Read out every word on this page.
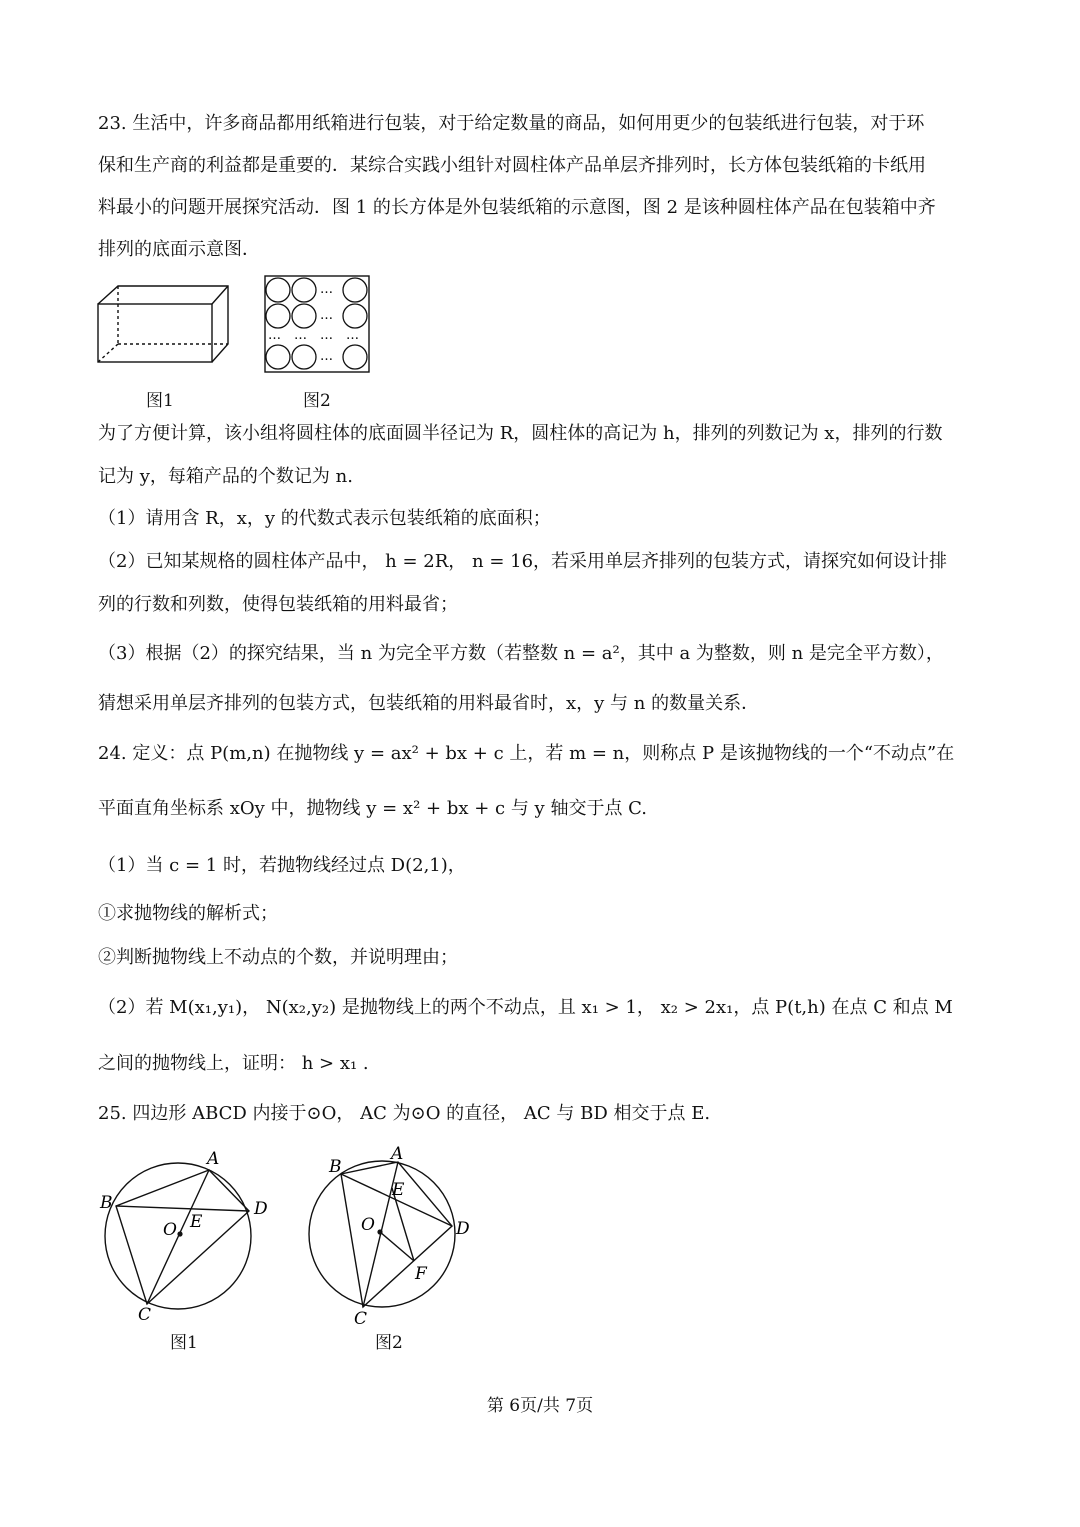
23. 生活中，许多商品都用纸箱进行包装，对于给定数量的商品，如何用更少的包装纸进行包装，对于环
保和生产商的利益都是重要的．某综合实践小组针对圆柱体产品单层齐排列时，长方体包装纸箱的卡纸用
料最小的问题开展探究活动．图 1 的长方体是外包装纸箱的示意图，图 2 是该种圆柱体产品在包装箱中齐
排列的底面示意图．
图1
…
…
…
… … … …
图2
为了方便计算，该小组将圆柱体的底面圆半径记为 R，圆柱体的高记为 h，排列的列数记为 x，排列的行数
记为 y，每箱产品的个数记为 n.
（1）请用含 R，x，y 的代数式表示包装纸箱的底面积；
（2）已知某规格的圆柱体产品中， h = 2R， n = 16，若采用单层齐排列的包装方式，请探究如何设计排
列的行数和列数，使得包装纸箱的用料最省；
（3）根据（2）的探究结果，当 n 为完全平方数（若整数 n = a²，其中 a 为整数，则 n 是完全平方数），
猜想采用单层齐排列的包装方式，包装纸箱的用料最省时，x，y 与 n 的数量关系．
24. 定义：点 P(m,n) 在抛物线 y = ax² + bx + c 上，若 m = n，则称点 P 是该抛物线的一个“不动点”在
平面直角坐标系 xOy 中，抛物线 y = x² + bx + c 与 y 轴交于点 C.
（1）当 c = 1 时，若抛物线经过点 D(2,1)，
①求抛物线的解析式；
②判断抛物线上不动点的个数，并说明理由；
（2）若 M(x₁,y₁)， N(x₂,y₂) 是抛物线上的两个不动点，且 x₁ > 1， x₂ > 2x₁，点 P(t,h) 在点 C 和点 M
之间的抛物线上，证明： h > x₁ .
25. 四边形 ABCD 内接于⊙O， AC 为⊙O 的直径， AC 与 BD 相交于点 E.
A
B
C
D
O E
图1
A
B
C
D
O
E
F
图2
第 6页/共 7页
